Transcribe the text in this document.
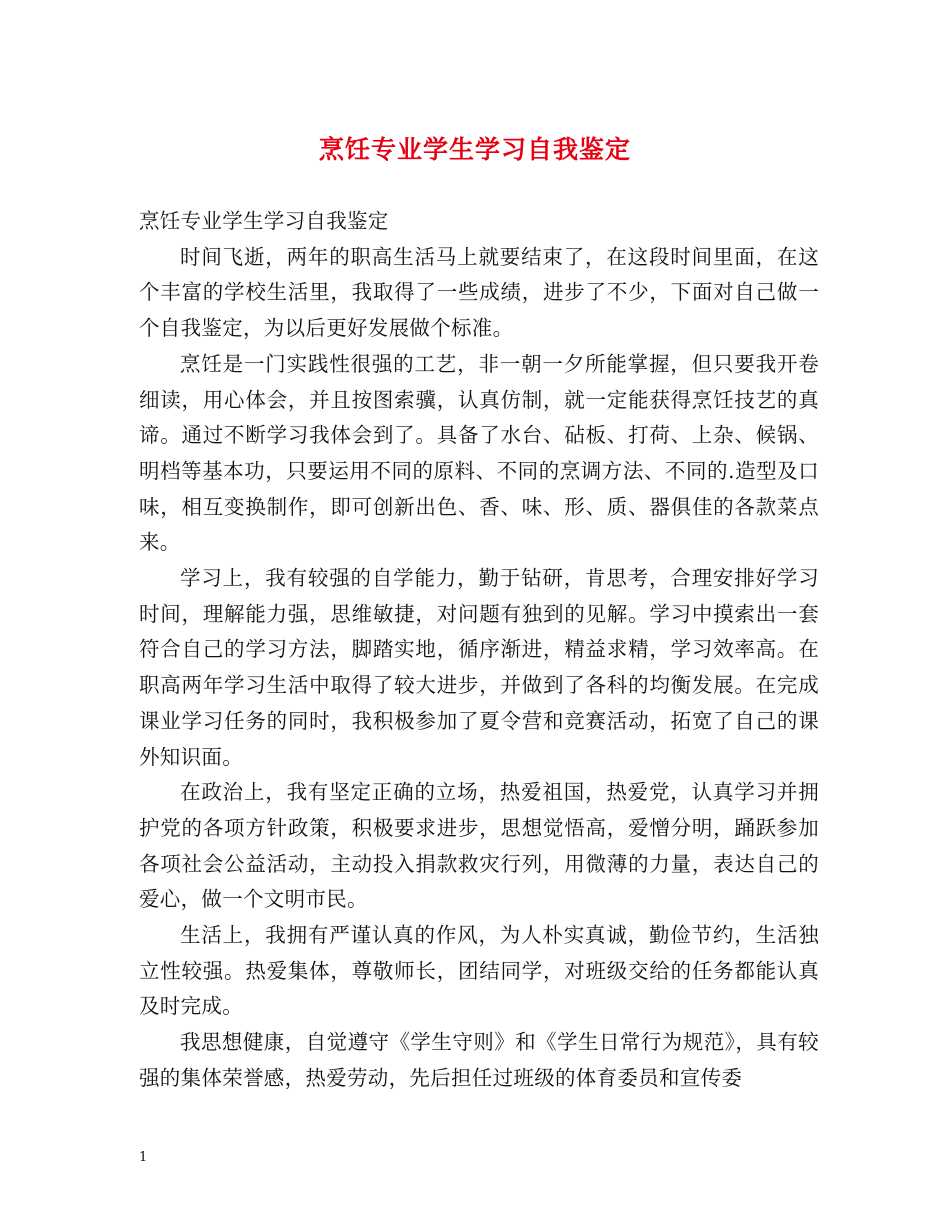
烹饪专业学生学习自我鉴定

烹饪专业学生学习自我鉴定

时间飞逝，两年的职高生活马上就要结束了，在这段时间里面，在这个丰富的学校生活里，我取得了一些成绩，进步了不少，下面对自己做一个自我鉴定，为以后更好发展做个标准。

烹饪是一门实践性很强的工艺，非一朝一夕所能掌握，但只要我开卷细读，用心体会，并且按图索骥，认真仿制，就一定能获得烹饪技艺的真谛。通过不断学习我体会到了。具备了水台、砧板、打荷、上杂、候锅、明档等基本功，只要运用不同的原料、不同的烹调方法、不同的.造型及口味，相互变换制作，即可创新出色、香、味、形、质、器俱佳的各款菜点来。

学习上，我有较强的自学能力，勤于钻研，肯思考，合理安排好学习时间，理解能力强，思维敏捷，对问题有独到的见解。学习中摸索出一套符合自己的学习方法，脚踏实地，循序渐进，精益求精，学习效率高。在职高两年学习生活中取得了较大进步，并做到了各科的均衡发展。在完成课业学习任务的同时，我积极参加了夏令营和竞赛活动，拓宽了自己的课外知识面。

在政治上，我有坚定正确的立场，热爱祖国，热爱党，认真学习并拥护党的各项方针政策，积极要求进步，思想觉悟高，爱憎分明，踊跃参加各项社会公益活动，主动投入捐款救灾行列，用微薄的力量，表达自己的爱心，做一个文明市民。

生活上，我拥有严谨认真的作风，为人朴实真诚，勤俭节约，生活独立性较强。热爱集体，尊敬师长，团结同学，对班级交给的任务都能认真及时完成。

我思想健康，自觉遵守《学生守则》和《学生日常行为规范》，具有较强的集体荣誉感，热爱劳动，先后担任过班级的体育委员和宣传委

1
